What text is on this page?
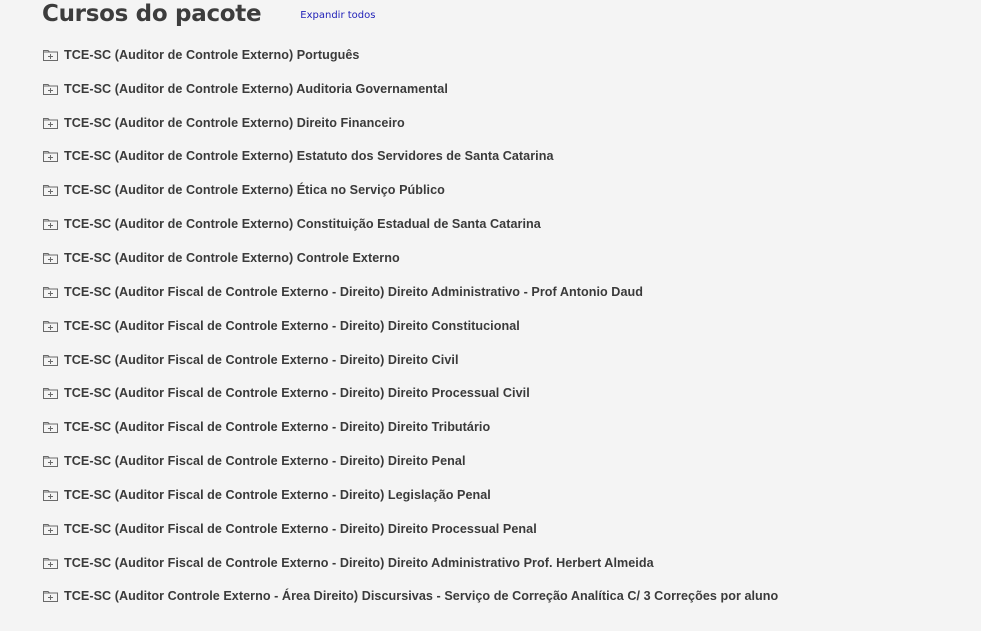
Cursos do pacote	Expandir todos
TCE-SC (Auditor de Controle Externo) Português
TCE-SC (Auditor de Controle Externo) Auditoria Governamental
TCE-SC (Auditor de Controle Externo) Direito Financeiro
TCE-SC (Auditor de Controle Externo) Estatuto dos Servidores de Santa Catarina
TCE-SC (Auditor de Controle Externo) Ética no Serviço Público
TCE-SC (Auditor de Controle Externo) Constituição Estadual de Santa Catarina
TCE-SC (Auditor de Controle Externo) Controle Externo
TCE-SC (Auditor Fiscal de Controle Externo - Direito) Direito Administrativo - Prof Antonio Daud
TCE-SC (Auditor Fiscal de Controle Externo - Direito) Direito Constitucional
TCE-SC (Auditor Fiscal de Controle Externo - Direito) Direito Civil
TCE-SC (Auditor Fiscal de Controle Externo - Direito) Direito Processual Civil
TCE-SC (Auditor Fiscal de Controle Externo - Direito) Direito Tributário
TCE-SC (Auditor Fiscal de Controle Externo - Direito) Direito Penal
TCE-SC (Auditor Fiscal de Controle Externo - Direito) Legislação Penal
TCE-SC (Auditor Fiscal de Controle Externo - Direito) Direito Processual Penal
TCE-SC (Auditor Fiscal de Controle Externo - Direito) Direito Administrativo Prof. Herbert Almeida
TCE-SC (Auditor Controle Externo - Área Direito) Discursivas - Serviço de Correção Analítica C/ 3 Correções por aluno
